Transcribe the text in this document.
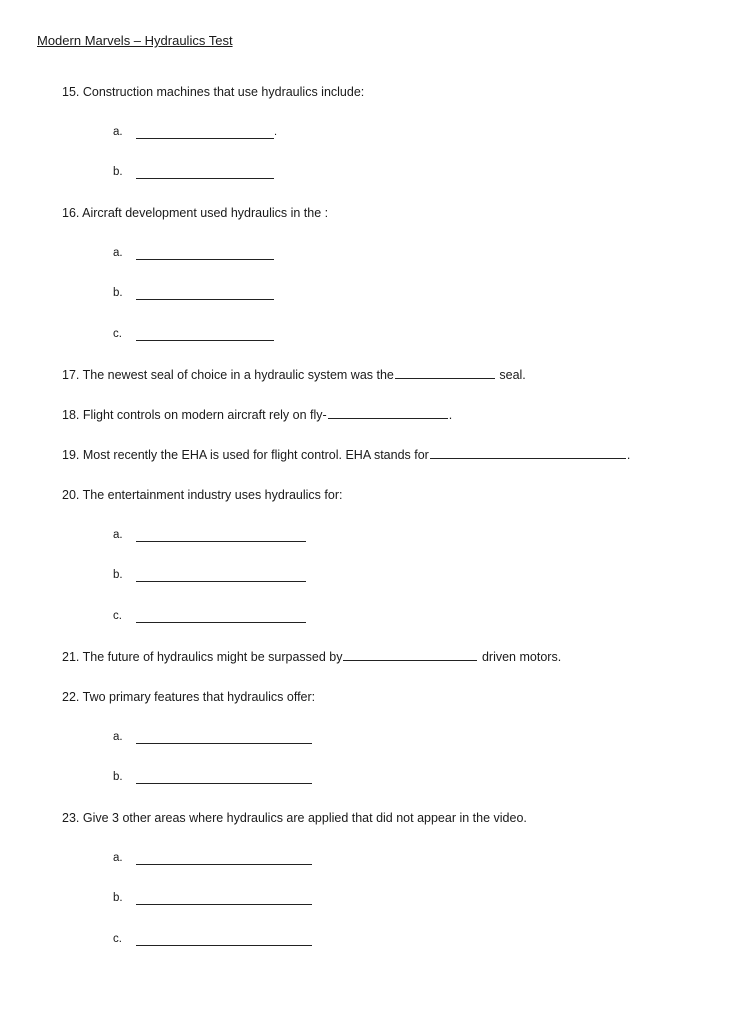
Modern Marvels – Hydraulics Test
15. Construction machines that use hydraulics include:
a.	.
b.
16. Aircraft development used hydraulics in the :
a.
b.
c.
17. The newest seal of choice in a hydraulic system was the	seal.
18. Flight controls on modern aircraft rely on fly-	.
19. Most recently the EHA is used for flight control. EHA stands for	.
20. The entertainment industry uses hydraulics for:
a.
b.
c.
21. The future of hydraulics might be surpassed by	driven motors.
22. Two primary features that hydraulics offer:
a.
b.
23. Give 3 other areas where hydraulics are applied that did not appear in the video.
a.
b.
c.
